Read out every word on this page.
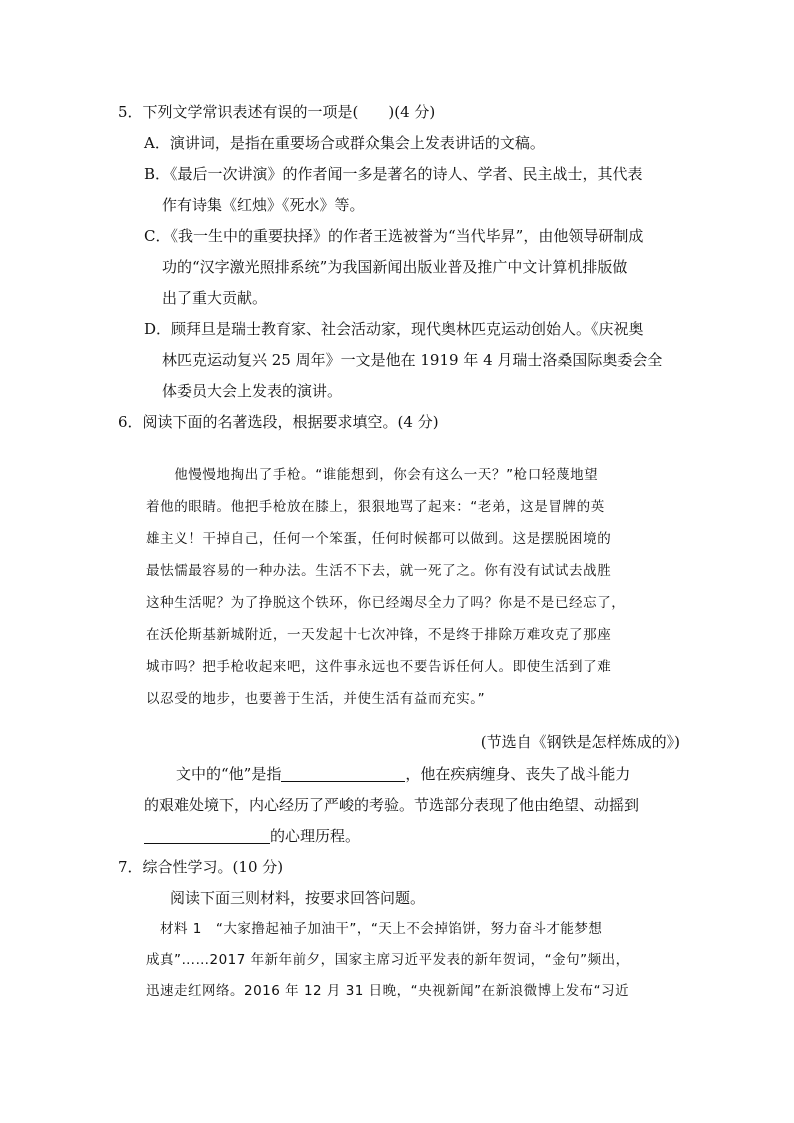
5．下列文学常识表述有误的一项是(　　)(4 分)
A．演讲词，是指在重要场合或群众集会上发表讲话的文稿。
B．《最后一次讲演》的作者闻一多是著名的诗人、学者、民主战士，其代表
作有诗集《红烛》《死水》等。
C．《我一生中的重要抉择》的作者王选被誉为“当代毕昇”，由他领导研制成
功的“汉字激光照排系统”为我国新闻出版业普及推广中文计算机排版做
出了重大贡献。
D．顾拜旦是瑞士教育家、社会活动家，现代奥林匹克运动创始人。《庆祝奥
林匹克运动复兴 25 周年》一文是他在 1919 年 4 月瑞士洛桑国际奥委会全
体委员大会上发表的演讲。
6．阅读下面的名著选段，根据要求填空。(4 分)
　　他慢慢地掏出了手枪。“谁能想到，你会有这么一天？”枪口轻蔑地望
着他的眼睛。他把手枪放在膝上，狠狠地骂了起来：“老弟，这是冒牌的英
雄主义！干掉自己，任何一个笨蛋，任何时候都可以做到。这是摆脱困境的
最怯懦最容易的一种办法。生活不下去，就一死了之。你有没有试试去战胜
这种生活呢？为了挣脱这个铁环，你已经竭尽全力了吗？你是不是已经忘了，
在沃伦斯基新城附近，一天发起十七次冲锋，不是终于排除万难攻克了那座
城市吗？把手枪收起来吧，这件事永远也不要告诉任何人。即使生活到了难
以忍受的地步，也要善于生活，并使生活有益而充实。”
(节选自《钢铁是怎样炼成的》)
文中的“他”是指	，他在疾病缠身、丧失了战斗能力
的艰难处境下，内心经历了严峻的考验。节选部分表现了他由绝望、动摇到
的心理历程。
7．综合性学习。(10 分)
阅读下面三则材料，按要求回答问题。
　材料 1　“大家撸起袖子加油干”，“天上不会掉馅饼，努力奋斗才能梦想
成真”……2017 年新年前夕，国家主席习近平发表的新年贺词，“金句”频出，
迅速走红网络。2016 年 12 月 31 日晚，“央视新闻”在新浪微博上发布“习近
